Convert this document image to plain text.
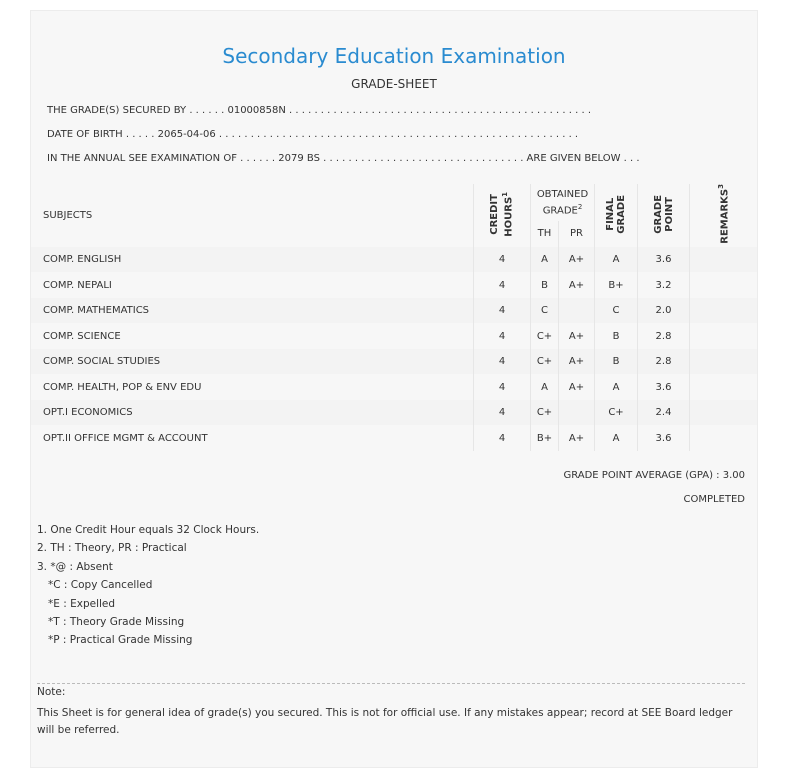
Secondary Education Examination
GRADE-SHEET
THE GRADE(S) SECURED BY . . . . . . 01000858N . . . . . . . . . . . . . . . . . . . . . . . . . . . . . . . . . . . . . . . . . . . . . . . .
DATE OF BIRTH . . . . . 2065-04-06 . . . . . . . . . . . . . . . . . . . . . . . . . . . . . . . . . . . . . . . . . . . . . . . . . . . . . . . . .
IN THE ANNUAL SEE EXAMINATION OF . . . . . . 2079 BS . . . . . . . . . . . . . . . . . . . . . . . . . . . . . . . . ARE GIVEN BELOW . . .
SUBJECTS	CREDIT HOURS$^1$	OBTAINED GRADE$^2$		FINAL GRADE	GRADE POINT	REMARKS$^3$
		TH	PR			
COMP. ENGLISH	4	A	A+	A	3.6	
COMP. NEPALI	4	B	A+	B+	3.2	
COMP. MATHEMATICS	4	C		C	2.0	
COMP. SCIENCE	4	C+	A+	B	2.8	
COMP. SOCIAL STUDIES	4	C+	A+	B	2.8	
COMP. HEALTH, POP & ENV EDU	4	A	A+	A	3.6	
OPT.I ECONOMICS	4	C+		C+	2.4	
OPT.II OFFICE MGMT & ACCOUNT	4	B+	A+	A	3.6	
GRADE POINT AVERAGE (GPA) : 3.00
COMPLETED
1. One Credit Hour equals 32 Clock Hours.
2. TH : Theory, PR : Practical
3. *@ : Absent
*C : Copy Cancelled
*E : Expelled
*T : Theory Grade Missing
*P : Practical Grade Missing
Note:
This Sheet is for general idea of grade(s) you secured. This is not for official use. If any mistakes appear; record at SEE Board ledger will be referred.
